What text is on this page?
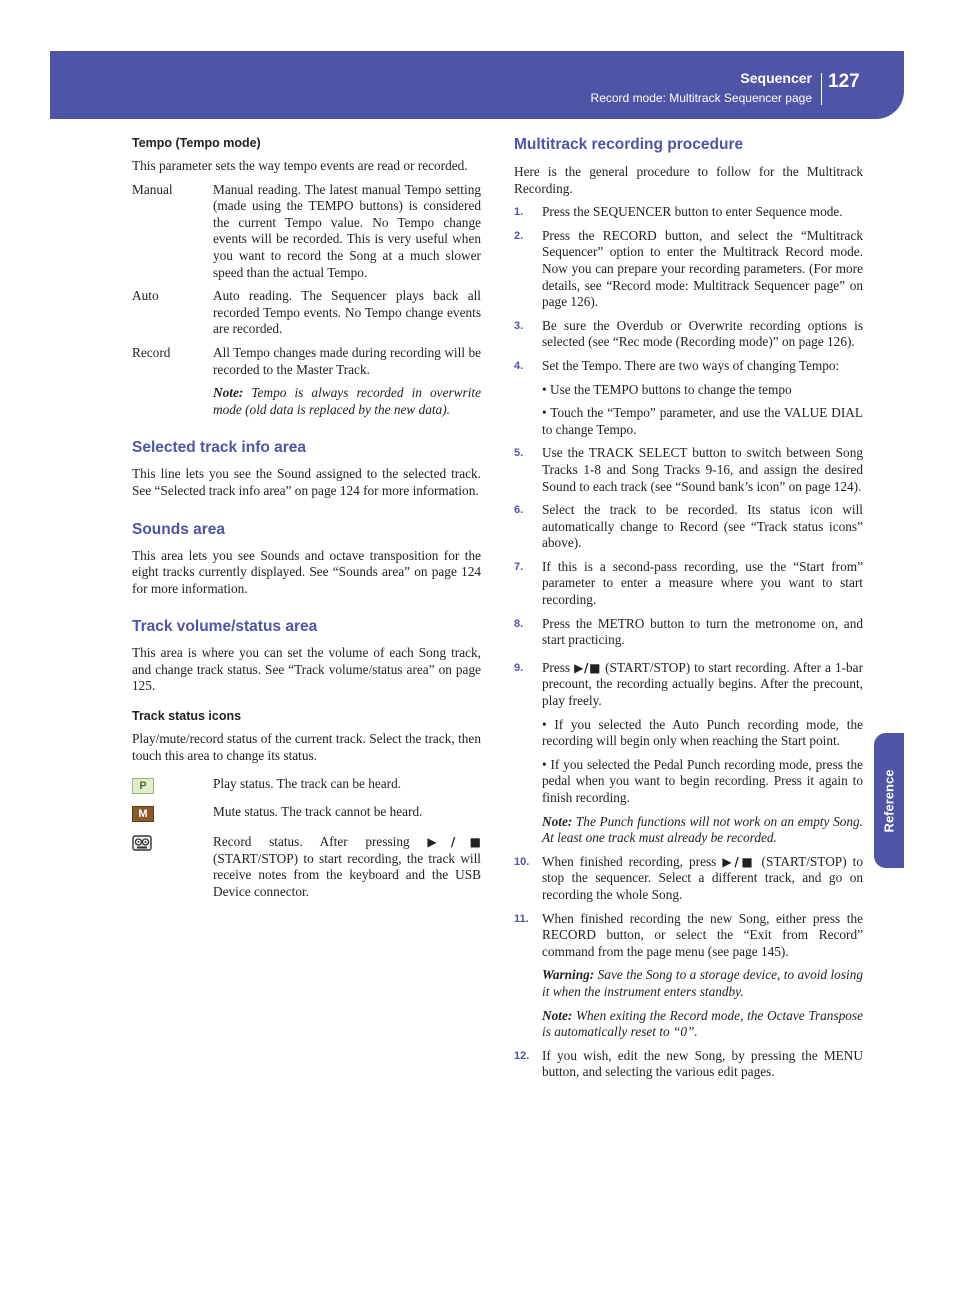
Sequencer
Record mode: Multitrack Sequencer page
127
Reference
Tempo (Tempo mode)

This parameter sets the way tempo events are read or recorded.

Manual	Manual reading. The latest manual Tempo setting (made using the TEMPO buttons) is considered the current Tempo value. No Tempo change events will be recorded. This is very useful when you want to record the Song at a much slower speed than the actual Tempo.

Auto	Auto reading. The Sequencer plays back all recorded Tempo events. No Tempo change events are recorded.

Record	All Tempo changes made during recording will be recorded to the Master Track.

Note: Tempo is always recorded in overwrite mode (old data is replaced by the new data).

Selected track info area

This line lets you see the Sound assigned to the selected track. See “Selected track info area” on page 124 for more information.

Sounds area

This area lets you see Sounds and octave transposition for the eight tracks currently displayed. See “Sounds area” on page 124 for more information.

Track volume/status area

This area is where you can set the volume of each Song track, and change track status. See “Track volume/status area” on page 125.

Track status icons

Play/mute/record status of the current track. Select the track, then touch this area to change its status.

P	Play status. The track can be heard.

M	Mute status. The track cannot be heard.

Record status. After pressing ▶/■ (START/STOP) to start recording, the track will receive notes from the keyboard and the USB Device connector.

Multitrack recording procedure

Here is the general procedure to follow for the Multitrack Recording.

1.	Press the SEQUENCER button to enter Sequence mode.

2.	Press the RECORD button, and select the “Multitrack Sequencer” option to enter the Multitrack Record mode. Now you can prepare your recording parameters. (For more details, see “Record mode: Multitrack Sequencer page” on page 126).

3.	Be sure the Overdub or Overwrite recording options is selected (see “Rec mode (Recording mode)” on page 126).

4.	Set the Tempo. There are two ways of changing Tempo:

• Use the TEMPO buttons to change the tempo

• Touch the “Tempo” parameter, and use the VALUE DIAL to change Tempo.

5.	Use the TRACK SELECT button to switch between Song Tracks 1-8 and Song Tracks 9-16, and assign the desired Sound to each track (see “Sound bank’s icon” on page 124).

6.	Select the track to be recorded. Its status icon will automatically change to Record (see “Track status icons” above).

7.	If this is a second-pass recording, use the “Start from” parameter to enter a measure where you want to start recording.

8.	Press the METRO button to turn the metronome on, and start practicing.

9.	Press ▶/■ (START/STOP) to start recording. After a 1-bar precount, the recording actually begins. After the precount, play freely.

• If you selected the Auto Punch recording mode, the recording will begin only when reaching the Start point.

• If you selected the Pedal Punch recording mode, press the pedal when you want to begin recording. Press it again to finish recording.

Note: The Punch functions will not work on an empty Song. At least one track must already be recorded.

10. When finished recording, press ▶/■ (START/STOP) to stop the sequencer. Select a different track, and go on recording the whole Song.

11.	When finished recording the new Song, either press the RECORD button, or select the “Exit from Record” command from the page menu (see page 145).

Warning: Save the Song to a storage device, to avoid losing it when the instrument enters standby.

Note: When exiting the Record mode, the Octave Transpose is automatically reset to “0”.

12. If you wish, edit the new Song, by pressing the MENU button, and selecting the various edit pages.
